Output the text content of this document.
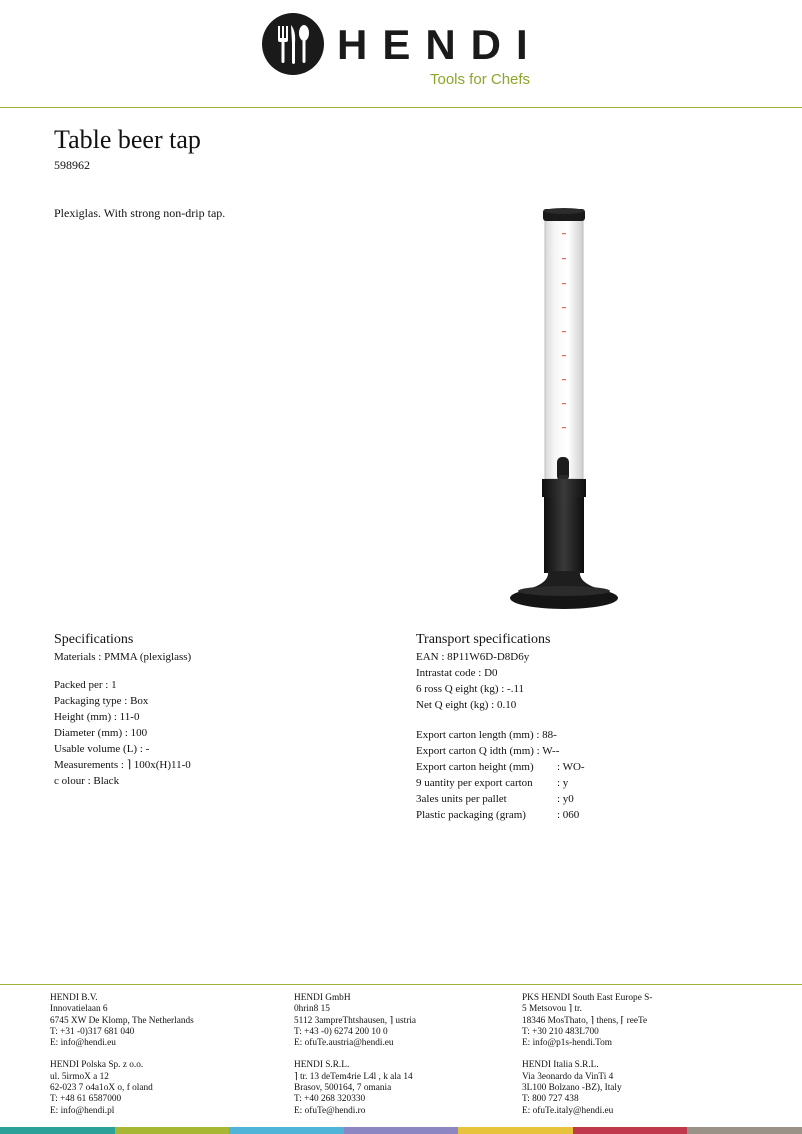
HENDI
Tools for Chefs
Table beer tap
598962
Plexiglas. With strong non-drip tap.
Specifications
Materials : PMMA (plexiglass)
Packed per : 1
Packaging type : Box
Height (mm) : 11-0
Diameter (mm) : 100
Usable volume (L) : -
Measurements : ⌉ 100x(H)11-0
c olour : Black
Transport specifications
EAN : 8P11W6D-D8D6y
Intrastat code : D0
6 ross Q eight (kg) : -.11
Net Q eight (kg) : 0.10
Export carton length (mm) : 88-
Export carton Q idth (mm) : W--
Export carton height (mm)	: WO-
9 uantity per export carton	: y
3ales units per pallet	: y0
Plastic packaging (gram)	: 060
HENDI B.V.
Innovatielaan 6
6745 XW De Klomp, The Netherlands
T: +31 -0)317 681 040
E: info@hendi.eu
HENDI Polska Sp. z o.o.
ul. 5irmoX a 12
62-023 7 o4a1oX o, f oland
T: +48 61 6587000
E: info@hendi.pl
HENDI GmbH
0hrin8 15
5112 3ampreThtshausen, ⌉ ustria
T: +43 -0) 6274 200 10 0
E: ofuTe.austria@hendi.eu
HENDI S.R.L.
⌉ tr. 13 deTem4rie L4l , k ala 14
Brasov, 500164, 7 omania
T: +40 268 320330
E: ofuTe@hendi.ro
PKS HENDI South East Europe S-
5 Metsovou ⌉ tr.
18346 MosThato, ⌉ thens, ⌈ reeTe
T: +30 210 483L700
E: info@p1s-hendi.Tom
HENDI Italia S.R.L.
Via 3eonardo da VinTi 4
3L100 Bolzano -BZ), Italy
T: 800 727 438
E: ofuTe.italy@hendi.eu
